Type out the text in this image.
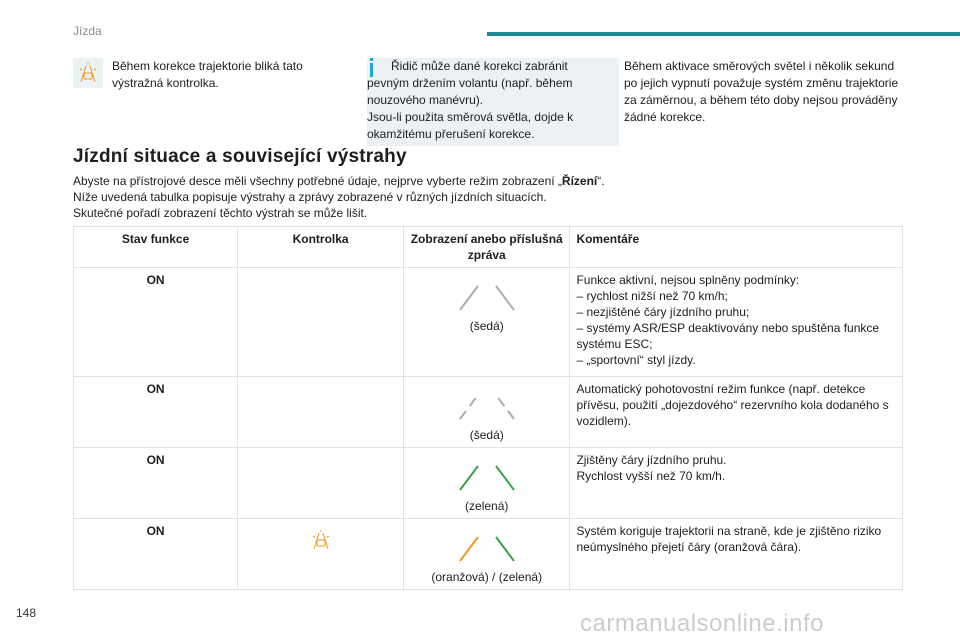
Jízda
Během korekce trajektorie bliká tato výstražná kontrolka.
Řidič může dané korekci zabránit pevným držením volantu (např. během nouzového manévru).
Jsou-li použita směrová světla, dojde k okamžitému přerušení korekce.
Během aktivace směrových světel i několik sekund po jejich vypnutí považuje systém změnu trajektorie za záměrnou, a během této doby nejsou prováděny žádné korekce.
Jízdní situace a související výstrahy

Abyste na přístrojové desce měli všechny potřebné údaje, nejprve vyberte režim zobrazení „Řízení“.

Níže uvedená tabulka popisuje výstrahy a zprávy zobrazené v různých jízdních situacích.

Skutečné pořadí zobrazení těchto výstrah se může lišit.

Stav funkce	Kontrolka	Zobrazení anebo příslušná zpráva	Komentáře
ON		(šedá)	Funkce aktivní, nejsou splněny podmínky:
– rychlost nižší než 70 km/h;
– nezjištěné čáry jízdního pruhu;
– systémy ASR/ESP deaktivovány nebo spuštěna funkce systému ESC;
– „sportovní“ styl jízdy.

ON		(šedá)	Automatický pohotovostní režim funkce (např. detekce přívěsu, použití „dojezdového“ rezervního kola dodaného s vozidlem).

ON		(zelená)	Zjištěny čáry jízdního pruhu.
Rychlost vyšší než 70 km/h.

ON		(oranžová) / (zelená)	Systém koriguje trajektorii na straně, kde je zjištěno riziko neúmyslného přejetí čáry (oranžová čára).
148	carmanualsonline.info
